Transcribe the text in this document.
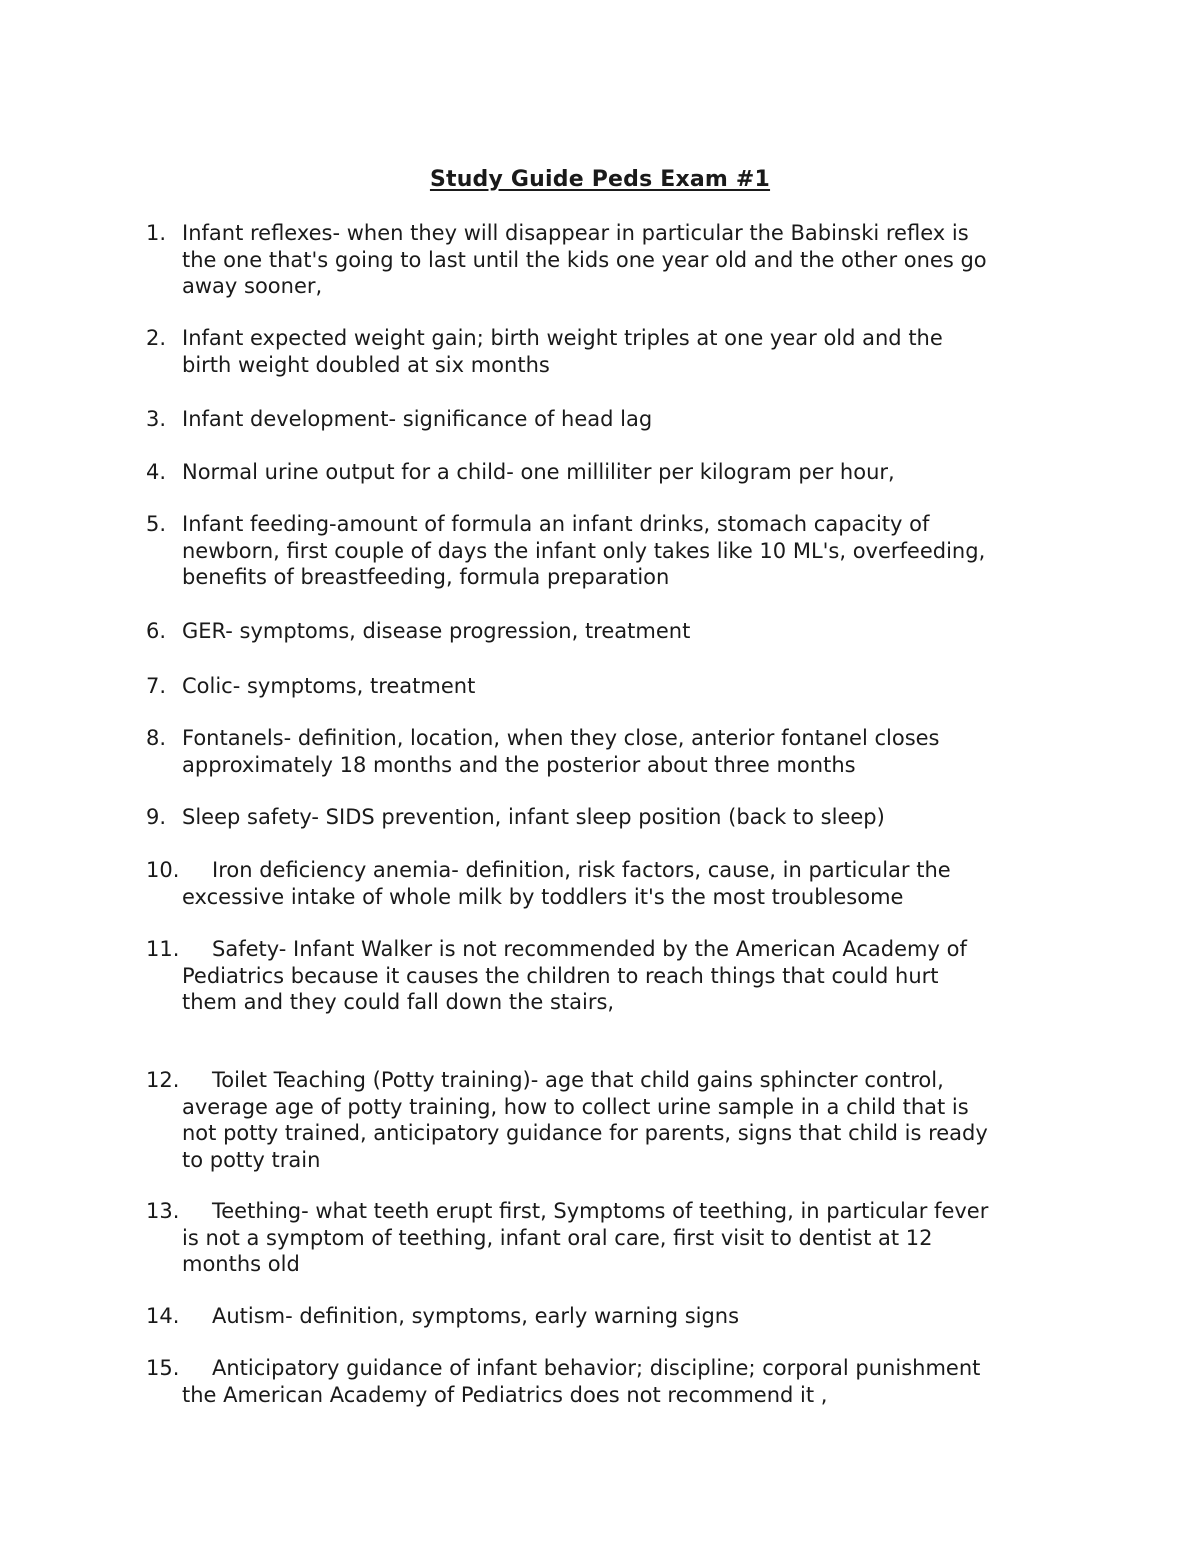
Study Guide Peds Exam #1
1. Infant reflexes- when they will disappear in particular the Babinski reflex is
the one that's going to last until the kids one year old and the other ones go
away sooner,
2. Infant expected weight gain; birth weight triples at one year old and the
birth weight doubled at six months
3. Infant development- significance of head lag
4. Normal urine output for a child- one milliliter per kilogram per hour,
5. Infant feeding-amount of formula an infant drinks, stomach capacity of
newborn, first couple of days the infant only takes like 10 ML's, overfeeding,
benefits of breastfeeding, formula preparation
6. GER- symptoms, disease progression, treatment
7. Colic- symptoms, treatment
8. Fontanels- definition, location, when they close, anterior fontanel closes
approximately 18 months and the posterior about three months
9. Sleep safety- SIDS prevention, infant sleep position (back to sleep)
10.	Iron deficiency anemia- definition, risk factors, cause, in particular the
excessive intake of whole milk by toddlers it's the most troublesome
11.	Safety- Infant Walker is not recommended by the American Academy of
Pediatrics because it causes the children to reach things that could hurt
them and they could fall down the stairs,
12.	Toilet Teaching (Potty training)- age that child gains sphincter control,
average age of potty training, how to collect urine sample in a child that is
not potty trained, anticipatory guidance for parents, signs that child is ready
to potty train
13.	Teething- what teeth erupt first, Symptoms of teething, in particular fever
is not a symptom of teething, infant oral care, first visit to dentist at 12
months old
14.	Autism- definition, symptoms, early warning signs
15.	Anticipatory guidance of infant behavior; discipline; corporal punishment
the American Academy of Pediatrics does not recommend it ,
